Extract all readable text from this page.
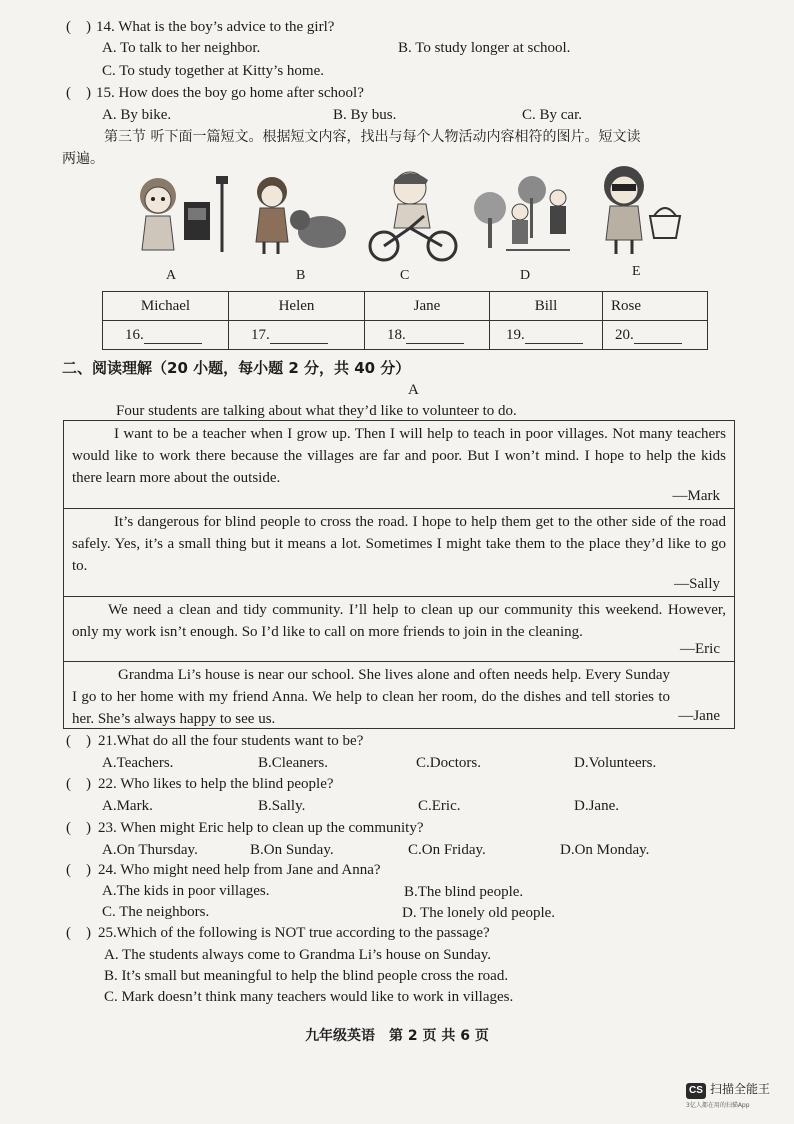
(　) 14. What is the boy’s advice to the girl?
A. To talk to her neighbor.	B. To study longer at school.
C. To study together at Kitty’s home.
(　) 15. How does the boy go home after school?
A. By bike.	B. By bus.	C. By car.
第三节 听下面一篇短文。根据短文内容，找出与每个人物活动内容相符的图片。短文读
两遍。
A	B	C	D	E
Michael	Helen	Jane	Bill	Rose
16.	17.	18.	19.	20.
二、阅读理解（20 小题，每小题 2 分，共 40 分）
A
Four students are talking about what they’d like to volunteer to do.

I want to be a teacher when I grow up. Then I will help to teach in poor villages. Not many teachers would like to work there because the villages are far and poor. But I won’t mind. I hope to help the kids there learn more about the outside.

—Mark

It’s dangerous for blind people to cross the road. I hope to help them get to the other side of the road safely. Yes, it’s a small thing but it means a lot. Sometimes I might take them to the place they’d like to go to.

—Sally

We need a clean and tidy community. I’ll help to clean up our community this weekend. However, only my work isn’t enough. So I’d like to call on more friends to join in the cleaning.

—Eric

Grandma Li’s house is near our school. She lives alone and often needs help. Every Sunday I go to her home with my friend Anna. We help to clean her room, do the dishes and tell stories to her. She’s always happy to see us.	—Jane
(　) 21.What do all the four students want to be?
A.Teachers.	B.Cleaners.	C.Doctors.	D.Volunteers.
(　) 22. Who likes to help the blind people?
A.Mark.	B.Sally.	C.Eric.	D.Jane.
(　) 23. When might Eric help to clean up the community?
A.On Thursday.	B.On Sunday.	C.On Friday.	D.On Monday.
(　) 24. Who might need help from Jane and Anna?
A.The kids in poor villages.	B.The blind people.
C. The neighbors.	D. The lonely old people.
(　) 25.Which of the following is NOT true according to the passage?
A. The students always come to Grandma Li’s house on Sunday.
B. It’s small but meaningful to help the blind people cross the road.
C. Mark doesn’t think many teachers would like to work in villages.
九年级英语　第 2 页 共 6 页
CS $^{扫描全能王}$
3亿人都在用的扫描App
